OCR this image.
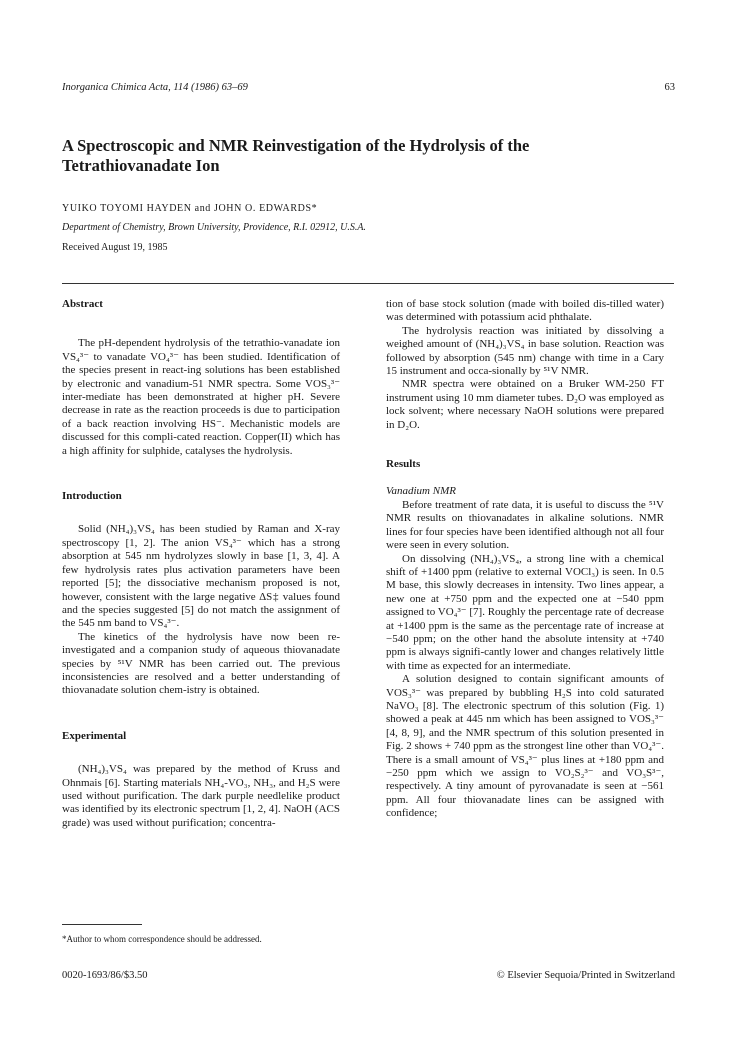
Inorganica Chimica Acta, 114 (1986) 63–69	63
A Spectroscopic and NMR Reinvestigation of the Hydrolysis of the Tetrathiovanadate Ion
YUIKO TOYOMI HAYDEN and JOHN O. EDWARDS*
Department of Chemistry, Brown University, Providence, R.I. 02912, U.S.A.
Received August 19, 1985

Abstract

The pH-dependent hydrolysis of the tetrathio-vanadate ion VS₄³⁻ to vanadate VO₄³⁻ has been studied. Identification of the species present in react-ing solutions has been established by electronic and vanadium-51 NMR spectra. Some VOS₃³⁻ inter-mediate has been demonstrated at higher pH. Severe decrease in rate as the reaction proceeds is due to participation of a back reaction involving HS⁻. Mechanistic models are discussed for this compli-cated reaction. Copper(II) which has a high affinity for sulphide, catalyses the hydrolysis.

Introduction

Solid (NH₄)₃VS₄ has been studied by Raman and X-ray spectroscopy [1, 2]. The anion VS₄³⁻ which has a strong absorption at 545 nm hydrolyzes slowly in base [1, 3, 4]. A few hydrolysis rates plus activation parameters have been reported [5]; the dissociative mechanism proposed is not, however, consistent with the large negative ΔS‡ values found and the species suggested [5] do not match the assignment of the 545 nm band to VS₄³⁻.

The kinetics of the hydrolysis have now been re-investigated and a companion study of aqueous thiovanadate species by ⁵¹V NMR has been carried out. The previous inconsistencies are resolved and a better understanding of thiovanadate solution chem-istry is obtained.

Experimental

(NH₄)₃VS₄ was prepared by the method of Kruss and Ohnmais [6]. Starting materials NH₄-VO₃, NH₃, and H₂S were used without purification. The dark purple needlelike product was identified by its electronic spectrum [1, 2, 4]. NaOH (ACS grade) was used without purification; concentra-

tion of base stock solution (made with boiled dis-tilled water) was determined with potassium acid phthalate.

The hydrolysis reaction was initiated by dissolving a weighed amount of (NH₄)₃VS₄ in base solution. Reaction was followed by absorption (545 nm) change with time in a Cary 15 instrument and occa-sionally by ⁵¹V NMR.

NMR spectra were obtained on a Bruker WM-250 FT instrument using 10 mm diameter tubes. D₂O was employed as lock solvent; where necessary NaOH solutions were prepared in D₂O.

Results

Vanadium NMR

Before treatment of rate data, it is useful to discuss the ⁵¹V NMR results on thiovanadates in alkaline solutions. NMR lines for four species have been identified although not all four were seen in every solution.

On dissolving (NH₄)₃VS₄, a strong line with a chemical shift of +1400 ppm (relative to external VOCl₃) is seen. In 0.5 M base, this slowly decreases in intensity. Two lines appear, a new one at +750 ppm and the expected one at −540 ppm assigned to VO₄³⁻ [7]. Roughly the percentage rate of decrease at +1400 ppm is the same as the percentage rate of increase at −540 ppm; on the other hand the absolute intensity at +740 ppm is always signifi-cantly lower and changes relatively little with time as expected for an intermediate.

A solution designed to contain significant amounts of VOS₃³⁻ was prepared by bubbling H₂S into cold saturated NaVO₃ [8]. The electronic spectrum of this solution (Fig. 1) showed a peak at 445 nm which has been assigned to VOS₃³⁻ [4, 8, 9], and the NMR spectrum of this solution presented in Fig. 2 shows + 740 ppm as the strongest line other than VO₄³⁻. There is a small amount of VS₄³⁻ plus lines at +180 ppm and −250 ppm which we assign to VO₂S₂³⁻ and VO₃S³⁻, respectively. A tiny amount of pyrovanadate is seen at −561 ppm. All four thiovanadate lines can be assigned with confidence;

*Author to whom correspondence should be addressed.
0020-1693/86/$3.50	© Elsevier Sequoia/Printed in Switzerland
